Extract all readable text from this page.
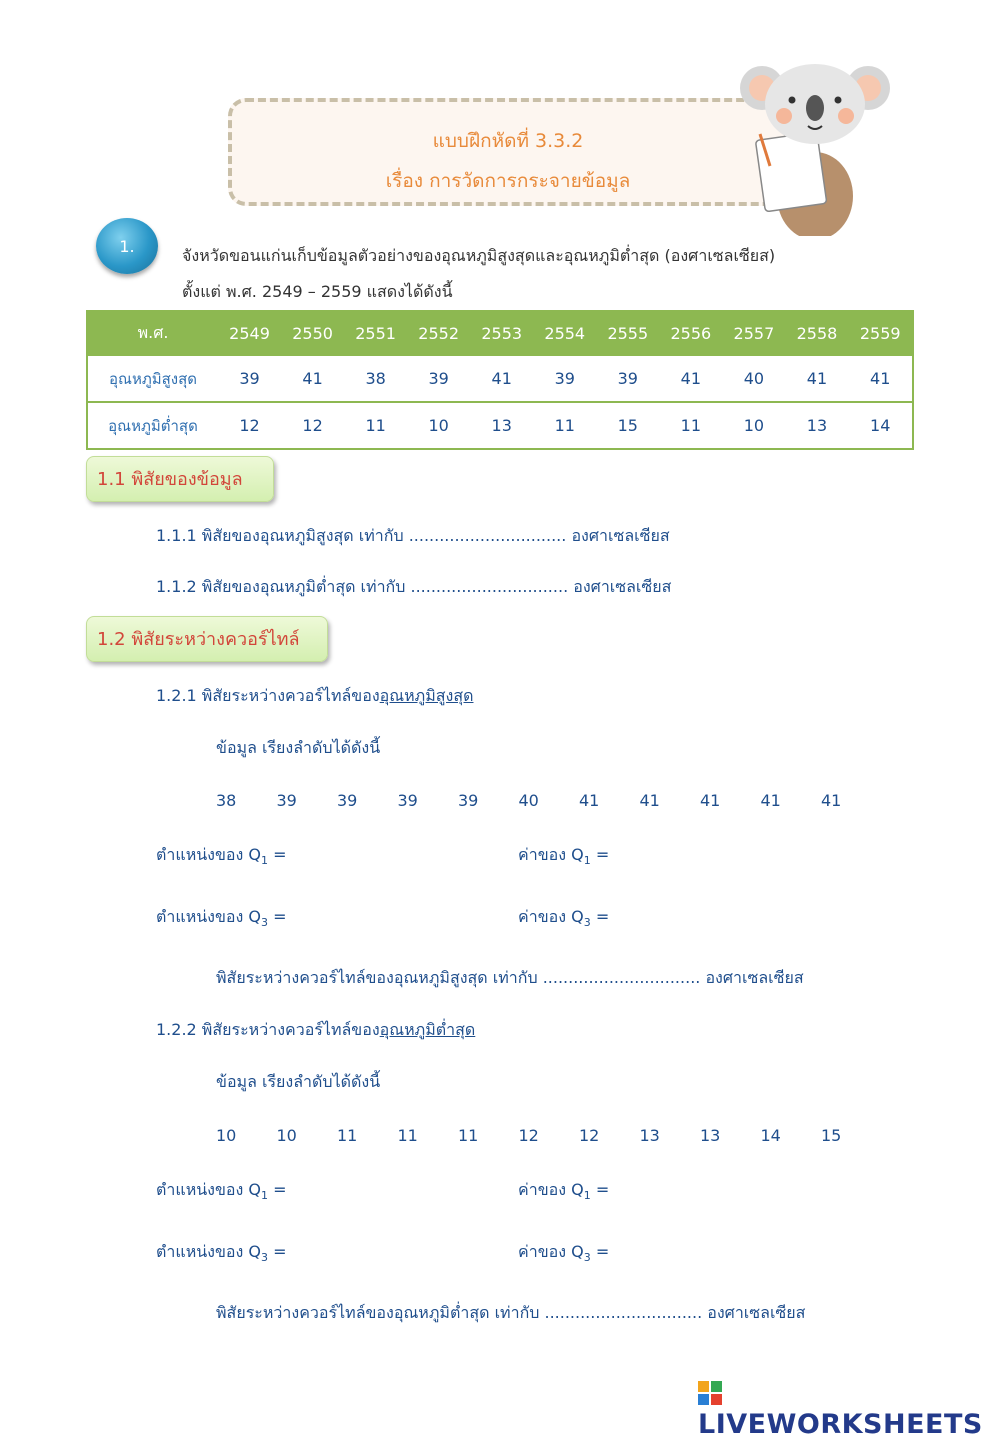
แบบฝึกหัดที่ 3.3.2
เรื่อง การวัดการกระจายข้อมูล
1.	จังหวัดขอนแก่นเก็บข้อมูลตัวอย่างของอุณหภูมิสูงสุดและอุณหภูมิต่ำสุด (องศาเซลเซียส)
ตั้งแต่ พ.ศ. 2549 – 2559 แสดงได้ดังนี้
พ.ศ.	2549	2550	2551	2552	2553	2554	2555	2556	2557	2558	2559
อุณหภูมิสูงสุด	39	41	38	39	41	39	39	41	40	41	41
อุณหภูมิต่ำสุด	12	12	11	10	13	11	15	11	10	13	14
1.1 พิสัยของข้อมูล
1.1.1 พิสัยของอุณหภูมิสูงสุด เท่ากับ ............................... องศาเซลเซียส
1.1.2 พิสัยของอุณหภูมิต่ำสุด เท่ากับ ............................... องศาเซลเซียส
1.2 พิสัยระหว่างควอร์ไทล์
1.2.1 พิสัยระหว่างควอร์ไทล์ของอุณหภูมิสูงสุด
ข้อมูล เรียงลำดับได้ดังนี้
38	39	39	39	39	40	41	41	41	41	41
ตำแหน่งของ $Q_1$ =	ค่าของ $Q_1$ =
ตำแหน่งของ $Q_3$ =	ค่าของ $Q_3$ =
พิสัยระหว่างควอร์ไทล์ของอุณหภูมิสูงสุด เท่ากับ ............................... องศาเซลเซียส
1.2.2 พิสัยระหว่างควอร์ไทล์ของอุณหภูมิต่ำสุด
ข้อมูล เรียงลำดับได้ดังนี้
10	10	11	11	11	12	12	13	13	14	15
ตำแหน่งของ $Q_1$ =	ค่าของ $Q_1$ =
ตำแหน่งของ $Q_3$ =	ค่าของ $Q_3$ =
พิสัยระหว่างควอร์ไทล์ของอุณหภูมิต่ำสุด เท่ากับ ............................... องศาเซลเซียส
LIVEWORKSHEETS
